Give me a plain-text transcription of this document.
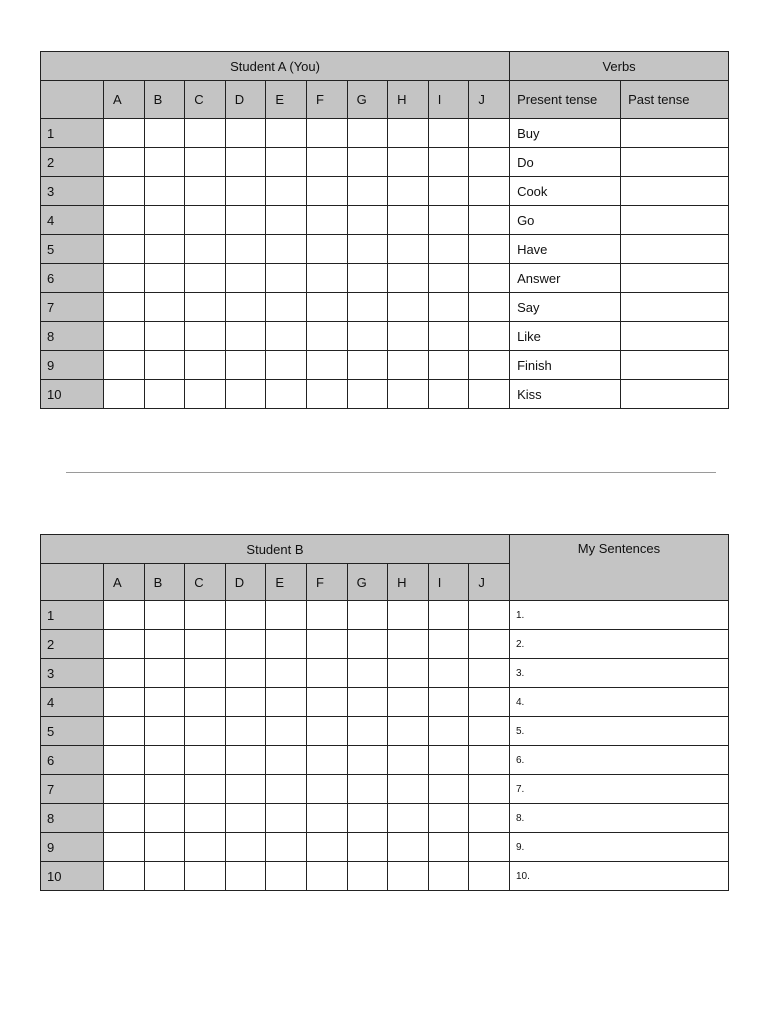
Student A (You)											Verbs	
	A	B	C	D	E	F	G	H	I	J	Present tense	Past tense
1											Buy	
2											Do	
3											Cook	
4											Go	
5											Have	
6											Answer	
7											Say	
8											Like	
9											Finish	
10											Kiss	
Student B											My Sentences
	A	B	C	D	E	F	G	H	I	J	
1											1.
2											2.
3											3.
4											4.
5											5.
6											6.
7											7.
8											8.
9											9.
10											10.
